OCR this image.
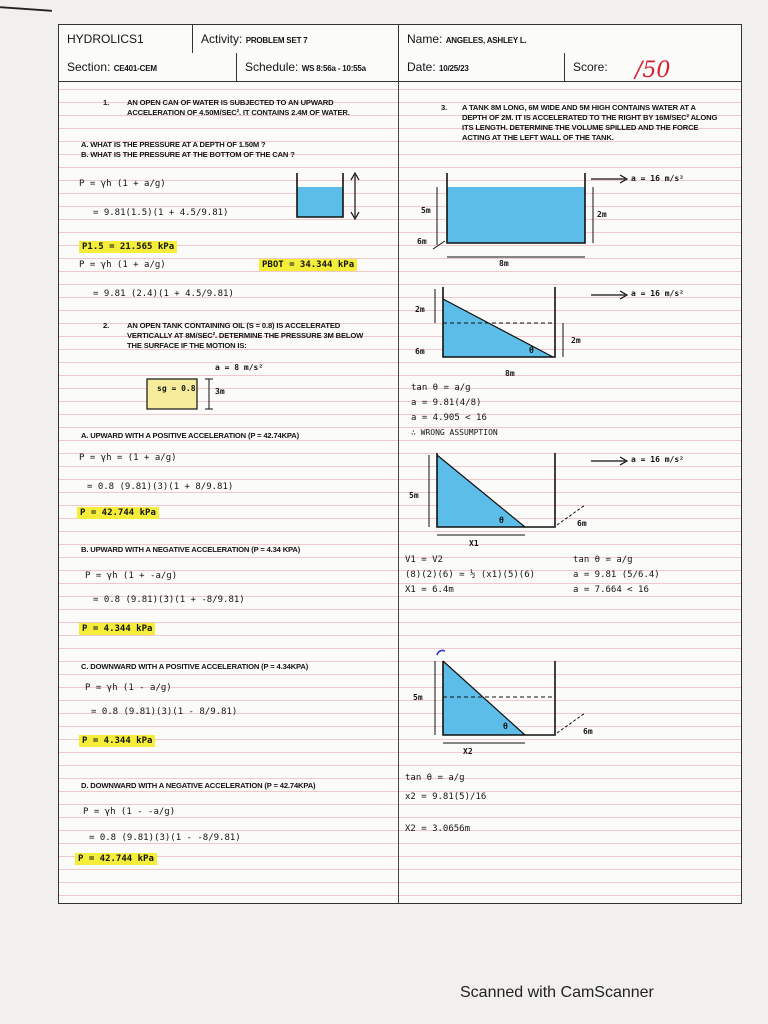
HYDROLICS1	Activity: PROBLEM SET 7	Name: ANGELES, ASHLEY L.
Section: CE401-CEM	Schedule: WS 8:56a - 10:55a	Date: 10/25/23	Score:	/50
1. AN OPEN CAN OF WATER IS SUBJECTED TO AN UPWARD ACCELERATION OF 4.50M/SEC². IT CONTAINS 2.4M OF WATER.
A. WHAT IS THE PRESSURE AT A DEPTH OF 1.50M ?
B. WHAT IS THE PRESSURE AT THE BOTTOM OF THE CAN ?
P = γh (1 + a/g)
= 9.81(1.5)(1 + 4.5/9.81)
P1.5 = 21.565 kPa
P = γh (1 + a/g)	PBOT = 34.344 kPa
= 9.81 (2.4)(1 + 4.5/9.81)
2. AN OPEN TANK CONTAINING OIL (S = 0.8) IS ACCELERATED VERTICALLY AT 8M/SEC². DETERMINE THE PRESSURE 3M BELOW THE SURFACE IF THE MOTION IS:
sg = 0.8
a = 8 m/s²
3m
A. UPWARD WITH A POSITIVE ACCELERATION (P = 42.74KPA)
P = γh = (1 + a/g)
= 0.8 (9.81)(3)(1 + 8/9.81)
P = 42.744 kPa
B. UPWARD WITH A NEGATIVE ACCELERATION (P = 4.34 KPA)
P = γh (1 + -a/g)
= 0.8 (9.81)(3)(1 + -8/9.81)
P = 4.344 kPa
C. DOWNWARD WITH A POSITIVE ACCELERATION (P = 4.34KPA)
P = γh (1 - a/g)
= 0.8 (9.81)(3)(1 - 8/9.81)
P = 4.344 kPa
D. DOWNWARD WITH A NEGATIVE ACCELERATION (P = 42.74KPA)
P = γh (1 - -a/g)
= 0.8 (9.81)(3)(1 - -8/9.81)
P = 42.744 kPa
3. A TANK 8M LONG, 6M WIDE AND 5M HIGH CONTAINS WATER AT A DEPTH OF 2M. IT IS ACCELERATED TO THE RIGHT BY 16M/SEC² ALONG ITS LENGTH. DETERMINE THE VOLUME SPILLED AND THE FORCE ACTING AT THE LEFT WALL OF THE TANK.
a = 16 m/s²
5m	2m
6m
8m
a = 16 m/s²
2m
2m
6m
8m
θ
tan θ = a/g
a = 9.81(4/8)
a = 4.905 < 16
∴ WRONG ASSUMPTION
a = 16 m/s²
5m
6m
X1
θ
V1 = V2
(8)(2)(6) = ½ (x1)(5)(6)
X1 = 6.4m
tan θ = a/g
a = 9.81 (5/6.4)
a = 7.664 < 16
5m
6m
X2
θ
tan θ = a/g
x2 = 9.81(5)/16
X2 = 3.0656m
Scanned with CamScanner
